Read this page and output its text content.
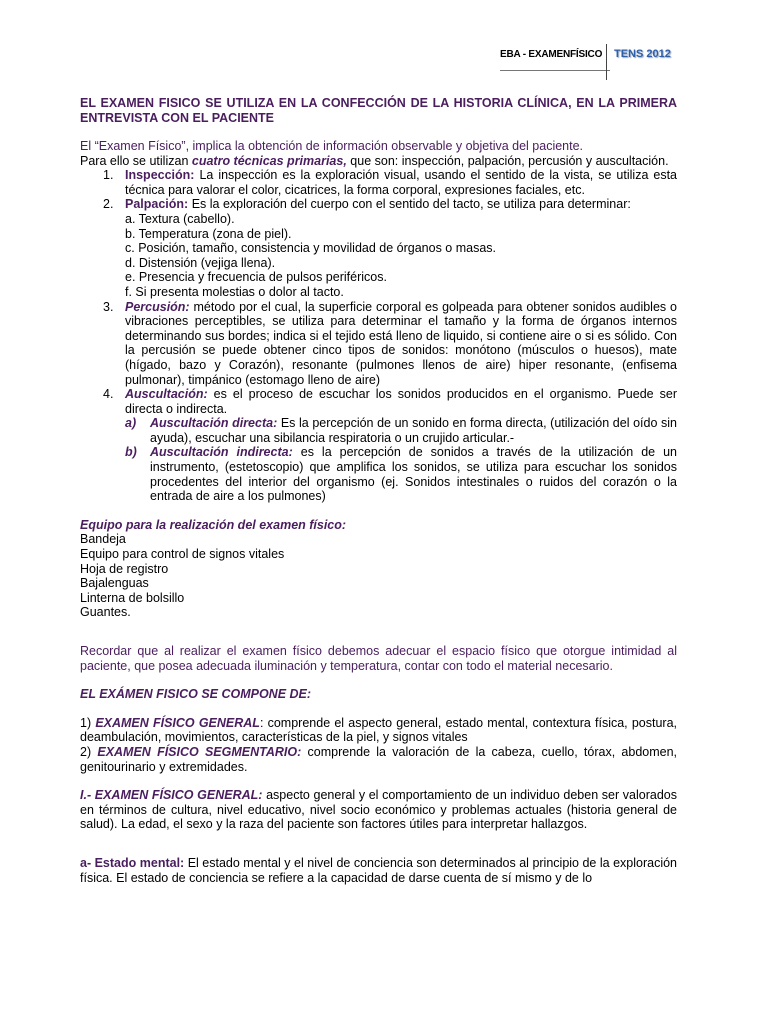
EBA - EXAMENFÍSICO TENS 2012

EL EXAMEN FISICO SE UTILIZA EN LA CONFECCIÓN DE LA HISTORIA CLÍNICA, EN LA PRIMERA ENTREVISTA CON EL PACIENTE

El “Examen Físico”, implica la obtención de información observable y objetiva del paciente.

Para ello se utilizan cuatro técnicas primarias, que son: inspección, palpación, percusión y auscultación.

1. Inspección: La inspección es la exploración visual, usando el sentido de la vista, se utiliza esta técnica para valorar el color, cicatrices, la forma corporal, expresiones faciales, etc.
2. Palpación: Es la exploración del cuerpo con el sentido del tacto, se utiliza para determinar:

a. Textura (cabello).

b. Temperatura (zona de piel).

c. Posición, tamaño, consistencia y movilidad de órganos o masas.

d. Distensión (vejiga llena).

e. Presencia y frecuencia de pulsos periféricos.

f. Si presenta molestias o dolor al tacto.

3. Percusión: método por el cual, la superficie corporal es golpeada para obtener sonidos audibles o vibraciones perceptibles, se utiliza para determinar el tamaño y la forma de órganos internos determinando sus bordes; indica si el tejido está lleno de liquido, si contiene aire o si es sólido. Con la percusión se puede obtener cinco tipos de sonidos: monótono (músculos o huesos), mate (hígado, bazo y Corazón), resonante (pulmones llenos de aire) hiper resonante, (enfisema pulmonar), timpánico (estomago lleno de aire)
4. Auscultación: es el proceso de escuchar los sonidos producidos en el organismo. Puede ser directa o indirecta.
a) Auscultación directa: Es la percepción de un sonido en forma directa, (utilización del oído sin ayuda), escuchar una sibilancia respiratoria o un crujido articular.-
b) Auscultación indirecta: es la percepción de sonidos a través de la utilización de un instrumento, (estetoscopio) que amplifica los sonidos, se utiliza para escuchar los sonidos procedentes del interior del organismo (ej. Sonidos intestinales o ruidos del corazón o la entrada de aire a los pulmones)

Equipo para la realización del examen físico:

Bandeja

Equipo para control de signos vitales

Hoja de registro

Bajalenguas

Linterna de bolsillo

Guantes.

Recordar que al realizar el examen físico debemos adecuar el espacio físico que otorgue intimidad al paciente, que posea adecuada iluminación y temperatura, contar con todo el material necesario.

EL EXÁMEN FISICO SE COMPONE DE:

1) EXAMEN FÍSICO GENERAL: comprende el aspecto general, estado mental, contextura física, postura, deambulación, movimientos, características de la piel, y signos vitales

2) EXAMEN FÍSICO SEGMENTARIO: comprende la valoración de la cabeza, cuello, tórax, abdomen, genitourinario y extremidades.

I.- EXAMEN FÍSICO GENERAL: aspecto general y el comportamiento de un individuo deben ser valorados en términos de cultura, nivel educativo, nivel socio económico y problemas actuales (historia general de salud). La edad, el sexo y la raza del paciente son factores útiles para interpretar hallazgos.

a- Estado mental: El estado mental y el nivel de conciencia son determinados al principio de la exploración física. El estado de conciencia se refiere a la capacidad de darse cuenta de sí mismo y de lo
